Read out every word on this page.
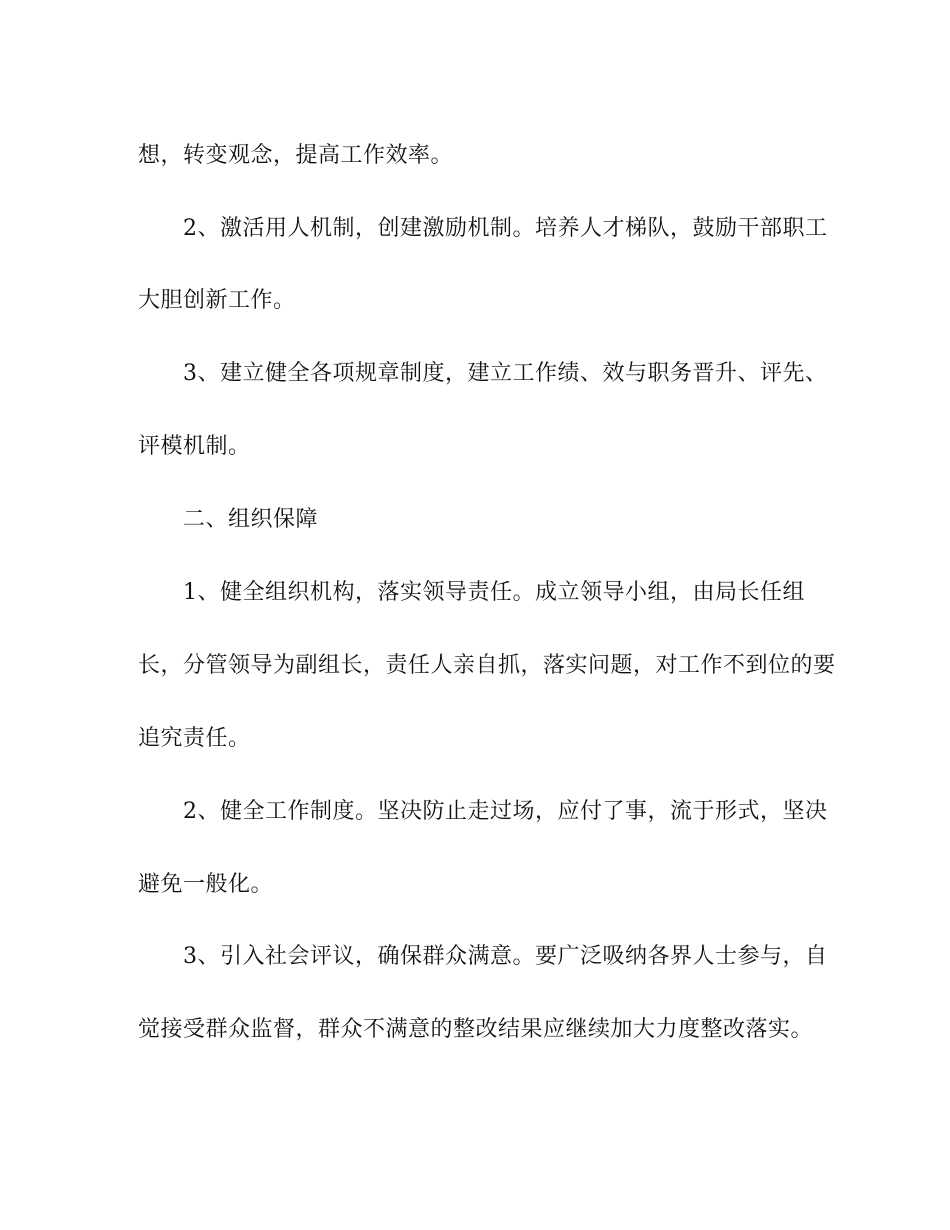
想，转变观念，提高工作效率。
2、激活用人机制，创建激励机制。培养人才梯队，鼓励干部职工
大胆创新工作。
3、建立健全各项规章制度，建立工作绩、效与职务晋升、评先、
评模机制。
二、组织保障
1、健全组织机构，落实领导责任。成立领导小组，由局长任组
长，分管领导为副组长，责任人亲自抓，落实问题，对工作不到位的要
追究责任。
2、健全工作制度。坚决防止走过场，应付了事，流于形式，坚决
避免一般化。
3、引入社会评议，确保群众满意。要广泛吸纳各界人士参与，自
觉接受群众监督，群众不满意的整改结果应继续加大力度整改落实。
